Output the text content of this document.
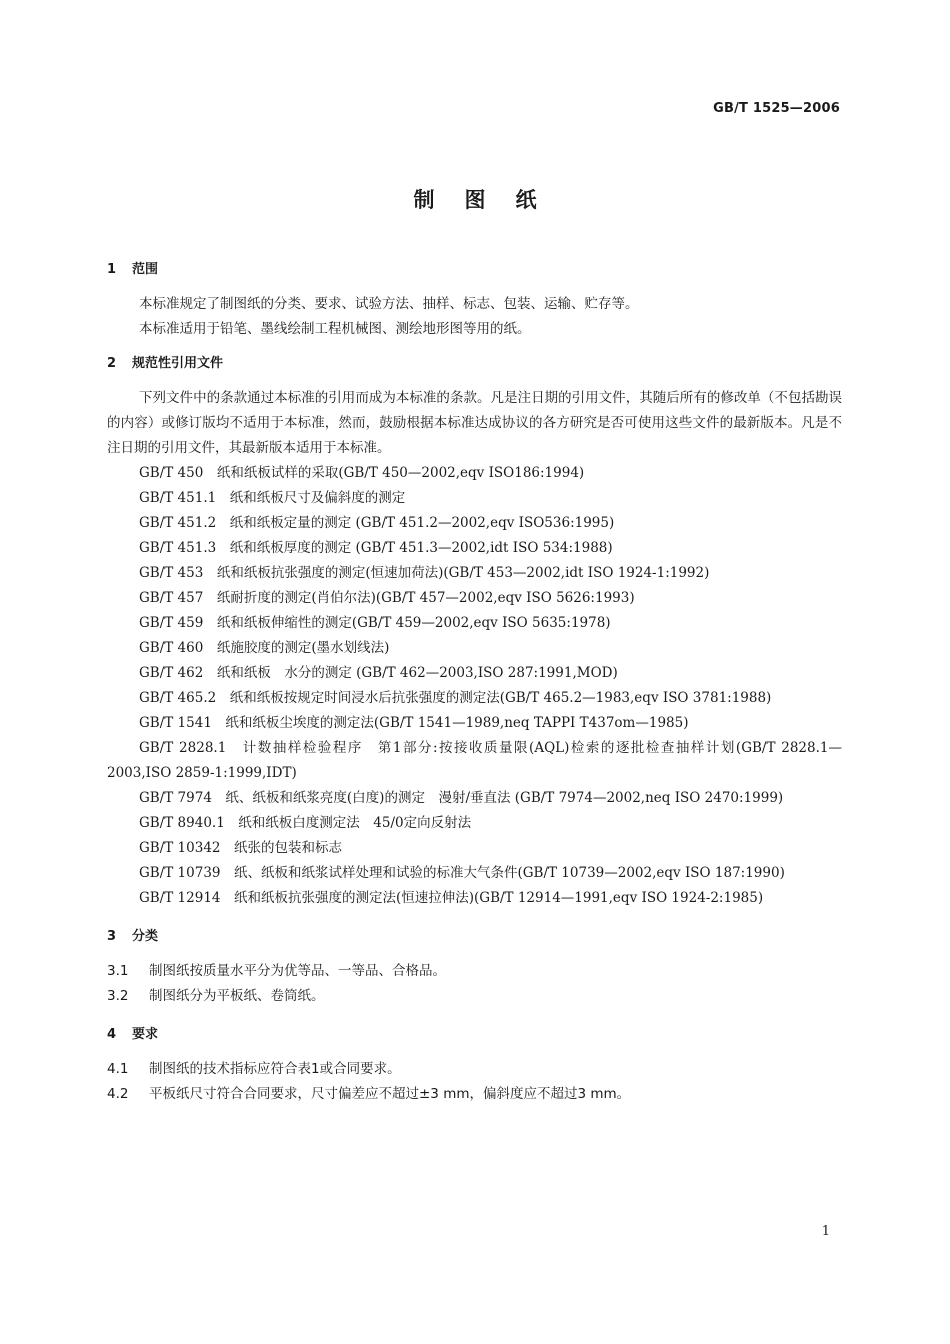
GB/T 1525—2006
制图纸
1 范围

本标准规定了制图纸的分类、要求、试验方法、抽样、标志、包装、运输、贮存等。

本标准适用于铅笔、墨线绘制工程机械图、测绘地形图等用的纸。

2 规范性引用文件

下列文件中的条款通过本标准的引用而成为本标准的条款。凡是注日期的引用文件，其随后所有的修改单（不包括勘误的内容）或修订版均不适用于本标准，然而，鼓励根据本标准达成协议的各方研究是否可使用这些文件的最新版本。凡是不注日期的引用文件，其最新版本适用于本标准。

GB/T 450　纸和纸板试样的采取(GB/T 450—2002,eqv ISO186:1994)

GB/T 451.1　纸和纸板尺寸及偏斜度的测定

GB/T 451.2　纸和纸板定量的测定 (GB/T 451.2—2002,eqv ISO536:1995)

GB/T 451.3　纸和纸板厚度的测定 (GB/T 451.3—2002,idt ISO 534:1988)

GB/T 453　纸和纸板抗张强度的测定(恒速加荷法)(GB/T 453—2002,idt ISO 1924-1:1992)

GB/T 457　纸耐折度的测定(肖伯尔法)(GB/T 457—2002,eqv ISO 5626:1993)

GB/T 459　纸和纸板伸缩性的测定(GB/T 459—2002,eqv ISO 5635:1978)

GB/T 460　纸施胶度的测定(墨水划线法)

GB/T 462　纸和纸板　水分的测定 (GB/T 462—2003,ISO 287:1991,MOD)

GB/T 465.2　纸和纸板按规定时间浸水后抗张强度的测定法(GB/T 465.2—1983,eqv ISO 3781:1988)

GB/T 1541　纸和纸板尘埃度的测定法(GB/T 1541—1989,neq TAPPI T437om—1985)

GB/T 2828.1　计数抽样检验程序　第1部分:按接收质量限(AQL)检索的逐批检查抽样计划(GB/T 2828.1—2003,ISO 2859-1:1999,IDT)

GB/T 7974　纸、纸板和纸浆亮度(白度)的测定　漫射/垂直法 (GB/T 7974—2002,neq ISO 2470:1999)

GB/T 8940.1　纸和纸板白度测定法　45/0定向反射法

GB/T 10342　纸张的包装和标志

GB/T 10739　纸、纸板和纸浆试样处理和试验的标准大气条件(GB/T 10739—2002,eqv ISO 187:1990)

GB/T 12914　纸和纸板抗张强度的测定法(恒速拉伸法)(GB/T 12914—1991,eqv ISO 1924-2:1985)

3 分类

3.1 制图纸按质量水平分为优等品、一等品、合格品。

3.2 制图纸分为平板纸、卷筒纸。

4 要求

4.1 制图纸的技术指标应符合表1或合同要求。

4.2 平板纸尺寸符合合同要求，尺寸偏差应不超过±3 mm，偏斜度应不超过3 mm。

1
